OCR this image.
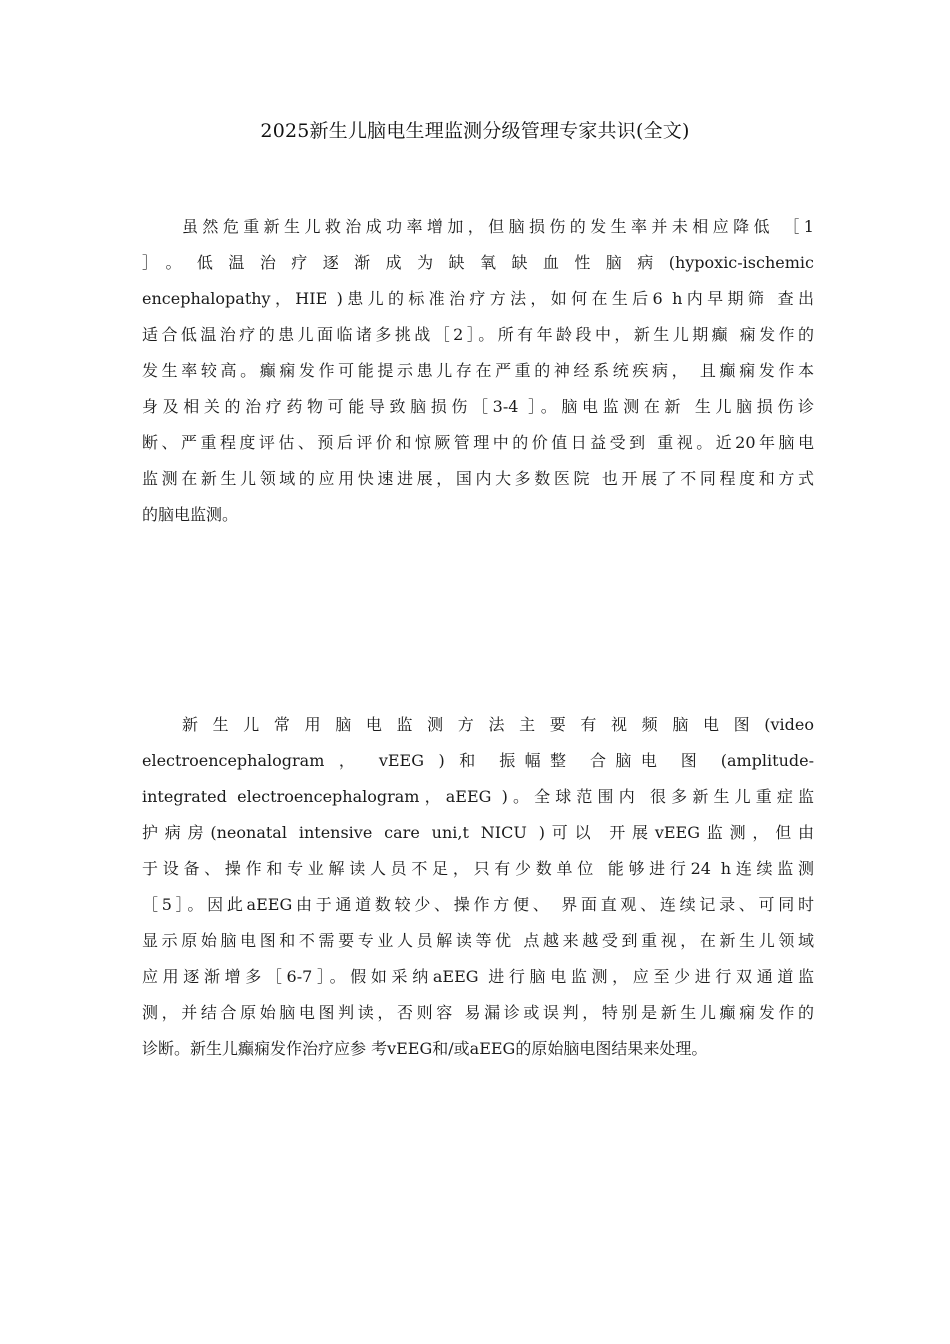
2025新生儿脑电生理监测分级管理专家共识(全文)
虽然危重新生儿救治成功率增加，但脑损伤的发生率并未相应降低 ［1
］。低温治疗逐渐成为缺氧缺血性脑病(hypoxic-ischemic
encephalopathy，HIE )患儿的标准治疗方法，如何在生后6 h内早期筛 查出
适合低温治疗的患儿面临诸多挑战［2］。所有年龄段中，新生儿期癫 痫发作的
发生率较高。癫痫发作可能提示患儿存在严重的神经系统疾病， 且癫痫发作本
身及相关的治疗药物可能导致脑损伤［3-4 ］。脑电监测在新 生儿脑损伤诊
断、严重程度评估、预后评价和惊厥管理中的价值日益受到 重视。近20年脑电
监测在新生儿领域的应用快速进展，国内大多数医院 也开展了不同程度和方式
的脑电监测。
新生儿常用脑电监测方法主要有视频脑电图(video
electroencephalogram ， vEEG ) 和 振幅整 合脑电 图 (amplitude-
integrated electroencephalogram，aEEG )。全球范围内 很多新生儿重症监
护病房(neonatal intensive care uni,t NICU )可以 开展vEEG监测，但由
于设备、操作和专业解读人员不足，只有少数单位 能够进行24 h连续监测
［5］。因此aEEG由于通道数较少、操作方便、 界面直观、连续记录、可同时
显示原始脑电图和不需要专业人员解读等优 点越来越受到重视，在新生儿领域
应用逐渐增多［6-7］。假如采纳aEEG 进行脑电监测，应至少进行双通道监
测，并结合原始脑电图判读，否则容 易漏诊或误判，特别是新生儿癫痫发作的
诊断。新生儿癫痫发作治疗应参 考vEEG和/或aEEG的原始脑电图结果来处理。
